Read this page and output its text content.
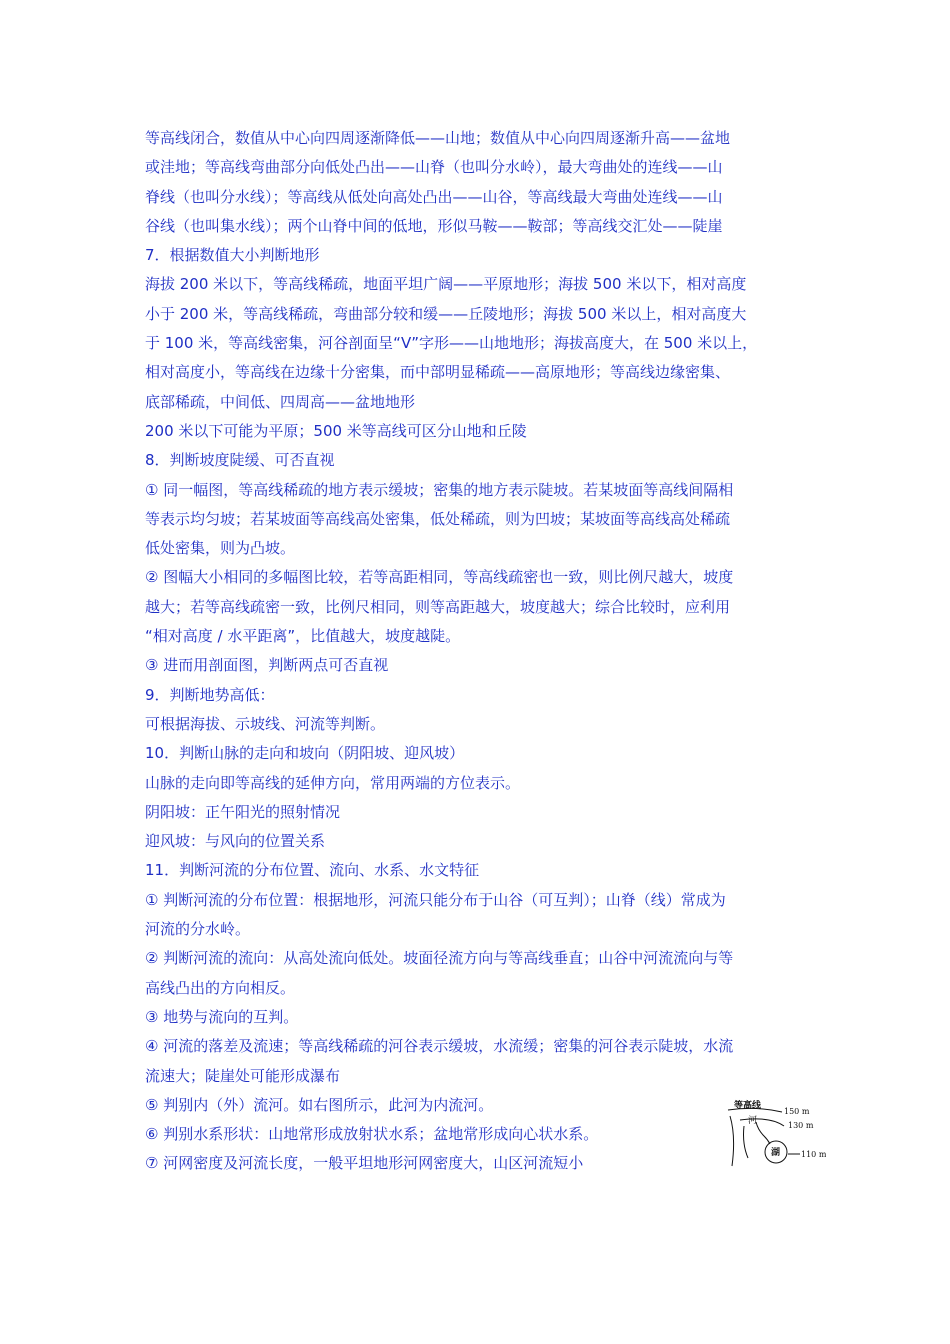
等高线闭合，数值从中心向四周逐渐降低——山地；数值从中心向四周逐渐升高——盆地
或洼地；等高线弯曲部分向低处凸出——山脊（也叫分水岭），最大弯曲处的连线——山
脊线（也叫分水线）；等高线从低处向高处凸出——山谷，等高线最大弯曲处连线——山
谷线（也叫集水线）；两个山脊中间的低地，形似马鞍——鞍部；等高线交汇处——陡崖
7．根据数值大小判断地形
海拔 200 米以下，等高线稀疏，地面平坦广阔——平原地形；海拔 500 米以下，相对高度
小于 200 米，等高线稀疏，弯曲部分较和缓——丘陵地形；海拔 500 米以上，相对高度大
于 100 米，等高线密集，河谷剖面呈“V”字形——山地地形；海拔高度大，在 500 米以上，
相对高度小，等高线在边缘十分密集，而中部明显稀疏——高原地形；等高线边缘密集、
底部稀疏，中间低、四周高——盆地地形
200 米以下可能为平原；500 米等高线可区分山地和丘陵
8．判断坡度陡缓、可否直视
① 同一幅图，等高线稀疏的地方表示缓坡；密集的地方表示陡坡。若某坡面等高线间隔相
等表示均匀坡；若某坡面等高线高处密集，低处稀疏，则为凹坡；某坡面等高线高处稀疏
低处密集，则为凸坡。
② 图幅大小相同的多幅图比较，若等高距相同，等高线疏密也一致，则比例尺越大，坡度
越大；若等高线疏密一致，比例尺相同，则等高距越大，坡度越大；综合比较时，应利用
“相对高度 / 水平距离”，比值越大，坡度越陡。
③ 进而用剖面图，判断两点可否直视
9．判断地势高低：
可根据海拔、示坡线、河流等判断。
10．判断山脉的走向和坡向（阴阳坡、迎风坡）
山脉的走向即等高线的延伸方向，常用两端的方位表示。
阴阳坡：正午阳光的照射情况
迎风坡：与风向的位置关系
11．判断河流的分布位置、流向、水系、水文特征
① 判断河流的分布位置：根据地形，河流只能分布于山谷（可互判）；山脊（线）常成为
河流的分水岭。
② 判断河流的流向：从高处流向低处。坡面径流方向与等高线垂直；山谷中河流流向与等
高线凸出的方向相反。
③ 地势与流向的互判。
④ 河流的落差及流速；等高线稀疏的河谷表示缓坡，水流缓；密集的河谷表示陡坡，水流
流速大；陡崖处可能形成瀑布
⑤ 判别内（外）流河。如右图所示，此河为内流河。
⑥ 判别水系形状：山地常形成放射状水系；盆地常形成向心状水系。
⑦ 河网密度及河流长度，一般平坦地形河网密度大，山区河流短小
等高线
河
湖
150 m
130 m
110 m
